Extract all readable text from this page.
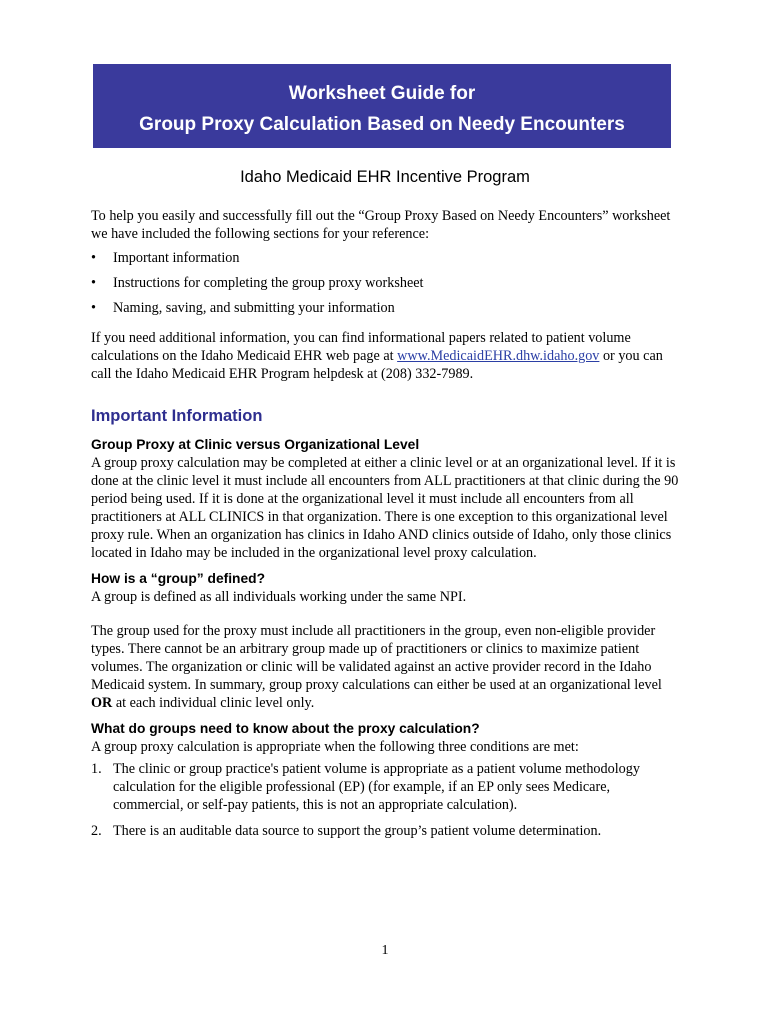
Worksheet Guide for
Group Proxy Calculation Based on Needy Encounters
Idaho Medicaid EHR Incentive Program

To help you easily and successfully fill out the “Group Proxy Based on Needy Encounters” worksheet we have included the following sections for your reference:

• Important information
• Instructions for completing the group proxy worksheet
• Naming, saving, and submitting your information

If you need additional information, you can find informational papers related to patient volume calculations on the Idaho Medicaid EHR web page at www.MedicaidEHR.dhw.idaho.gov or you can call the Idaho Medicaid EHR Program helpdesk at (208) 332-7989.

Important Information
Group Proxy at Clinic versus Organizational Level

A group proxy calculation may be completed at either a clinic level or at an organizational level. If it is done at the clinic level it must include all encounters from ALL practitioners at that clinic during the 90 period being used. If it is done at the organizational level it must include all encounters from all practitioners at ALL CLINICS in that organization. There is one exception to this organizational level proxy rule. When an organization has clinics in Idaho AND clinics outside of Idaho, only those clinics located in Idaho may be included in the organizational level proxy calculation.

How is a “group” defined?

A group is defined as all individuals working under the same NPI.

The group used for the proxy must include all practitioners in the group, even non-eligible provider types. There cannot be an arbitrary group made up of practitioners or clinics to maximize patient volumes. The organization or clinic will be validated against an active provider record in the Idaho Medicaid system. In summary, group proxy calculations can either be used at an organizational level OR at each individual clinic level only.

What do groups need to know about the proxy calculation?

A group proxy calculation is appropriate when the following three conditions are met:

1. The clinic or group practice's patient volume is appropriate as a patient volume methodology calculation for the eligible professional (EP) (for example, if an EP only sees Medicare, commercial, or self-pay patients, this is not an appropriate calculation).
2. There is an auditable data source to support the group’s patient volume determination.
1
